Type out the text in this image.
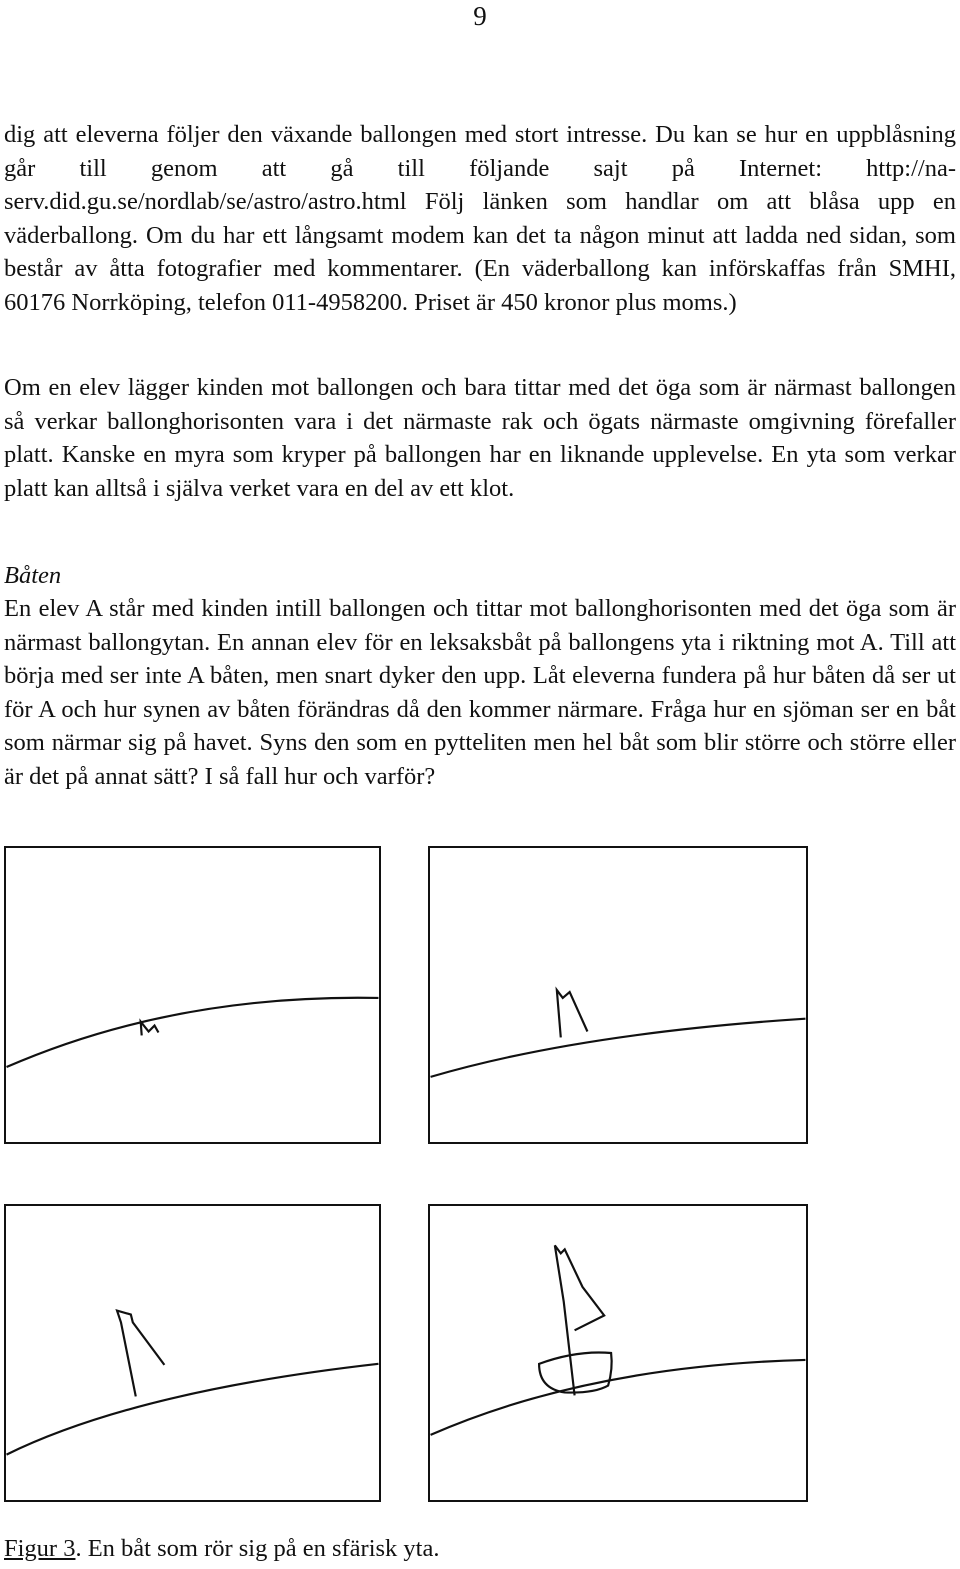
9
dig att eleverna följer den växande ballongen med stort intresse. Du kan se hur en uppblåsning går till genom att gå till följande sajt på Internet: http://na-serv.did.gu.se/nordlab/se/astro/astro.html Följ länken som handlar om att blåsa upp en väderballong. Om du har ett långsamt modem kan det ta någon minut att ladda ned sidan, som består av åtta fotografier med kommentarer. (En väderballong kan införskaffas från SMHI, 60176 Norrköping, telefon 011-4958200. Priset är 450 kronor plus moms.)
Om en elev lägger kinden mot ballongen och bara tittar med det öga som är närmast ballongen så verkar ballonghorisonten vara i det närmaste rak och ögats närmaste omgivning förefaller platt. Kanske en myra som kryper på ballongen har en liknande upplevelse. En yta som verkar platt kan alltså i själva verket vara en del av ett klot.
Båten
En elev A står med kinden intill ballongen och tittar mot ballonghorisonten med det öga som är närmast ballongytan. En annan elev för en leksaksbåt på ballongens yta i riktning mot A. Till att börja med ser inte A båten, men snart dyker den upp. Låt eleverna fundera på hur båten då ser ut för A och hur synen av båten förändras då den kommer närmare. Fråga hur en sjöman ser en båt som närmar sig på havet. Syns den som en pytteliten men hel båt som blir större och större eller är det på annat sätt? I så fall hur och varför?
Figur 3. En båt som rör sig på en sfärisk yta.
